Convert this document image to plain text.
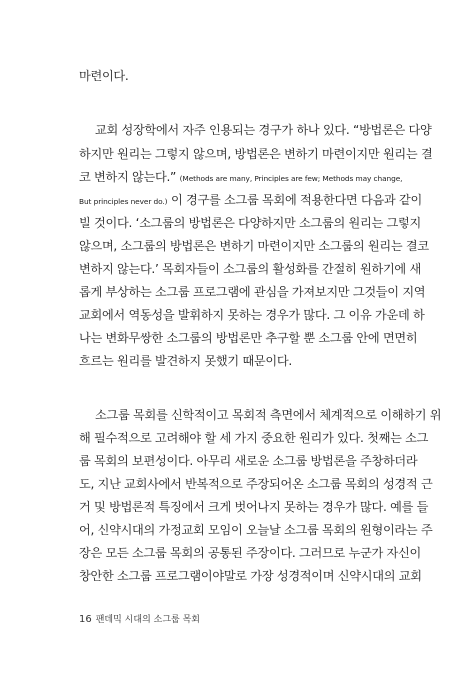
마련이다.

교회 성장학에서 자주 인용되는 경구가 하나 있다. “방법론은 다양

하지만 원리는 그렇지 않으며, 방법론은 변하기 마련이지만 원리는 결

코 변하지 않는다.” (Methods are many, Principles are few; Methods may change,

But principles never do.) 이 경구를 소그룹 목회에 적용한다면 다음과 같이

빌 것이다. ‘소그룹의 방법론은 다양하지만 소그룹의 원리는 그렇지

않으며, 소그룹의 방법론은 변하기 마련이지만 소그룹의 원리는 결코

변하지 않는다.’ 목회자들이 소그룹의 활성화를 간절히 원하기에 새

롭게 부상하는 소그룹 프로그램에 관심을 가져보지만 그것들이 지역

교회에서 역동성을 발휘하지 못하는 경우가 많다. 그 이유 가운데 하

나는 변화무쌍한 소그룹의 방법론만 추구할 뿐 소그룹 안에 면면히

흐르는 원리를 발견하지 못했기 때문이다.

소그룹 목회를 신학적이고 목회적 측면에서 체계적으로 이해하기 위

해 필수적으로 고려해야 할 세 가지 중요한 원리가 있다. 첫째는 소그

룹 목회의 보편성이다. 아무리 새로운 소그룹 방법론을 주창하더라

도, 지난 교회사에서 반복적으로 주장되어온 소그룹 목회의 성경적 근

거 및 방법론적 특징에서 크게 벗어나지 못하는 경우가 많다. 예를 들

어, 신약시대의 가정교회 모임이 오늘날 소그룹 목회의 원형이라는 주

장은 모든 소그룹 목회의 공통된 주장이다. 그러므로 누군가 자신이

창안한 소그룹 프로그램이야말로 가장 성경적이며 신약시대의 교회

16 팬데믹 시대의 소그룹 목회
